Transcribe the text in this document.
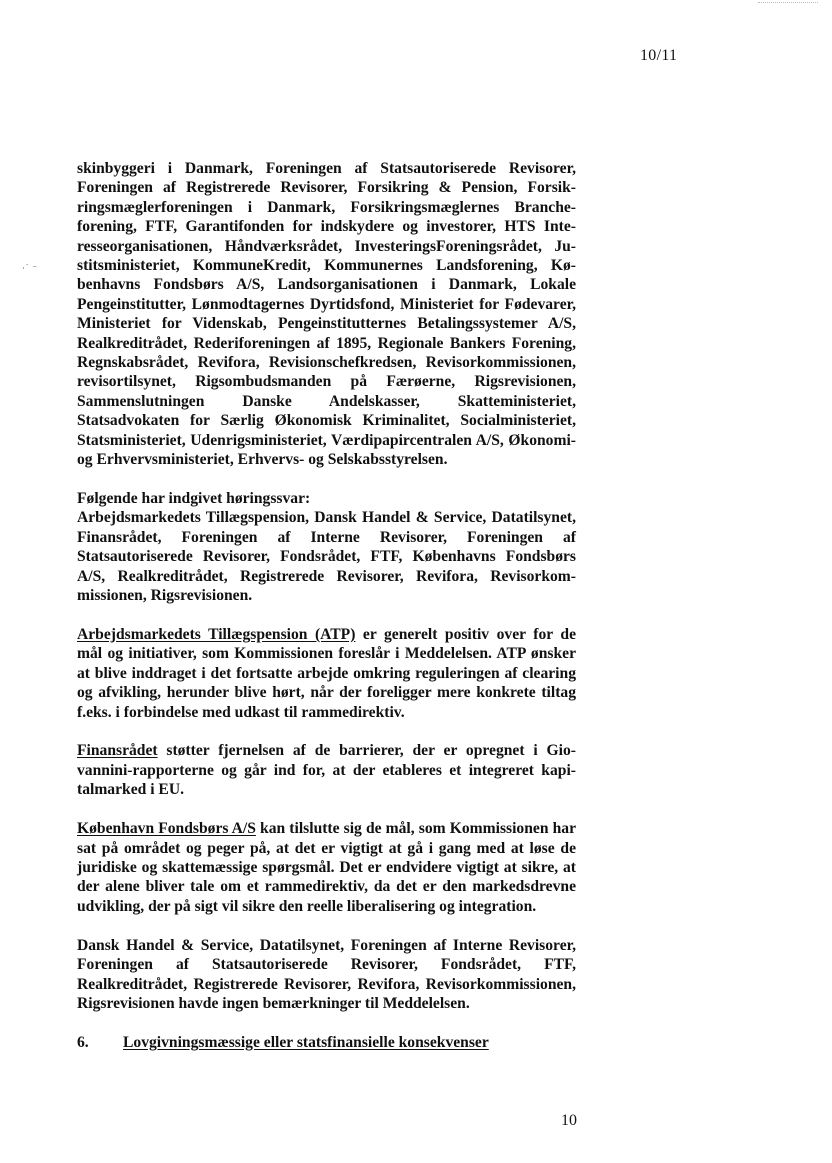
·˙ ⁻
10/11

skinbyggeri i Danmark, Foreningen af Statsautoriserede Revisorer, Foreningen af Registrerede Revisorer, Forsikring & Pension, Forsikringsmæglerforeningen i Danmark, Forsikringsmæglernes Brancheforening, FTF, Garantifonden for indskydere og investorer, HTS Interesseorganisationen, Håndværksrådet, InvesteringsForeningsrådet, Justitsministeriet, KommuneKredit, Kommunernes Landsforening, Københavns Fondsbørs A/S, Landsorganisationen i Danmark, Lokale Pengeinstitutter, Lønmodtagernes Dyrtidsfond, Ministeriet for Fødevarer, Ministeriet for Videnskab, Pengeinstitutternes Betalingssystemer A/S, Realkreditrådet, Rederiforeningen af 1895, Regionale Bankers Forening, Regnskabsrådet, Revifora, Revisionschefkredsen, Revisorkommissionen, revisortilsynet, Rigsombudsmanden på Færøerne, Rigsrevisionen, Sammenslutningen Danske Andelskasser, Skatteministeriet, Statsadvokaten for Særlig Økonomisk Kriminalitet, Socialministeriet, Statsministeriet, Udenrigsministeriet, Værdipapircentralen A/S, Økonomi- og Erhvervsministeriet, Erhvervs- og Selskabsstyrelsen.

Følgende har indgivet høringssvar:
Arbejdsmarkedets Tillægspension, Dansk Handel & Service, Datatilsynet, Finansrådet, Foreningen af Interne Revisorer, Foreningen af Statsautoriserede Revisorer, Fondsrådet, FTF, Københavns Fondsbørs A/S, Realkreditrådet, Registrerede Revisorer, Revifora, Revisorkommissionen, Rigsrevisionen.

Arbejdsmarkedets Tillægspension (ATP) er generelt positiv over for de mål og initiativer, som Kommissionen foreslår i Meddelelsen. ATP ønsker at blive inddraget i det fortsatte arbejde omkring reguleringen af clearing og afvikling, herunder blive hørt, når der foreligger mere konkrete tiltag f.eks. i forbindelse med udkast til rammedirektiv.

Finansrådet støtter fjernelsen af de barrierer, der er opregnet i Giovannini-rapporterne og går ind for, at der etableres et integreret kapitalmarked i EU.

København Fondsbørs A/S kan tilslutte sig de mål, som Kommissionen har sat på området og peger på, at det er vigtigt at gå i gang med at løse de juridiske og skattemæssige spørgsmål. Det er endvidere vigtigt at sikre, at der alene bliver tale om et rammedirektiv, da det er den markedsdrevne udvikling, der på sigt vil sikre den reelle liberalisering og integration.

Dansk Handel & Service, Datatilsynet, Foreningen af Interne Revisorer, Foreningen af Statsautoriserede Revisorer, Fondsrådet, FTF, Realkreditrådet, Registrerede Revisorer, Revifora, Revisorkommissionen, Rigsrevisionen havde ingen bemærkninger til Meddelelsen.

6.	Lovgivningsmæssige eller statsfinansielle konsekvenser
10
